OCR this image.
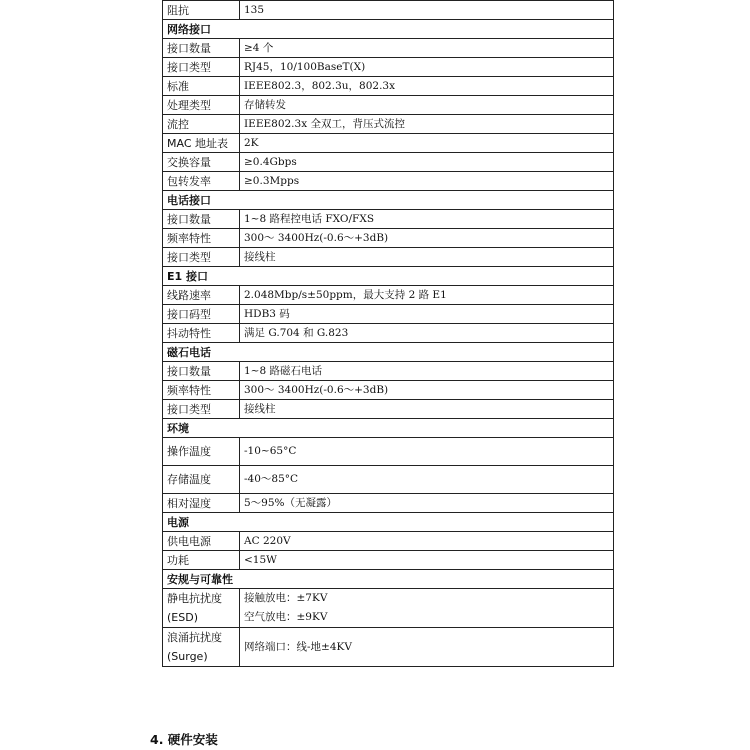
阻抗	135
网络接口	
接口数量	≥4 个
接口类型	RJ45，10/100BaseT(X)
标准	IEEE802.3，802.3u，802.3x
处理类型	存储转发
流控	IEEE802.3x 全双工，背压式流控
MAC 地址表	2K
交换容量	≥0.4Gbps
包转发率	≥0.3Mpps
电话接口	
接口数量	1~8 路程控电话 FXO/FXS
频率特性	300～ 3400Hz(-0.6～+3dB)
接口类型	接线柱
E1 接口	
线路速率	2.048Mbp/s±50ppm，最大支持 2 路 E1
接口码型	HDB3 码
抖动特性	满足 G.704 和 G.823
磁石电话	
接口数量	1~8 路磁石电话
频率特性	300～ 3400Hz(-0.6～+3dB)
接口类型	接线柱
环境	
操作温度	-10~65°C
存储温度	-40～85°C
相对湿度	5～95%（无凝露）
电源	
供电电源	AC 220V
功耗	<15W
安规与可靠性	

静电抗扰度
(ESD)	接触放电：±7KV
空气放电：±9KV

浪涌抗扰度
(Surge)	网络端口：线-地±4KV
4. 硬件安装
